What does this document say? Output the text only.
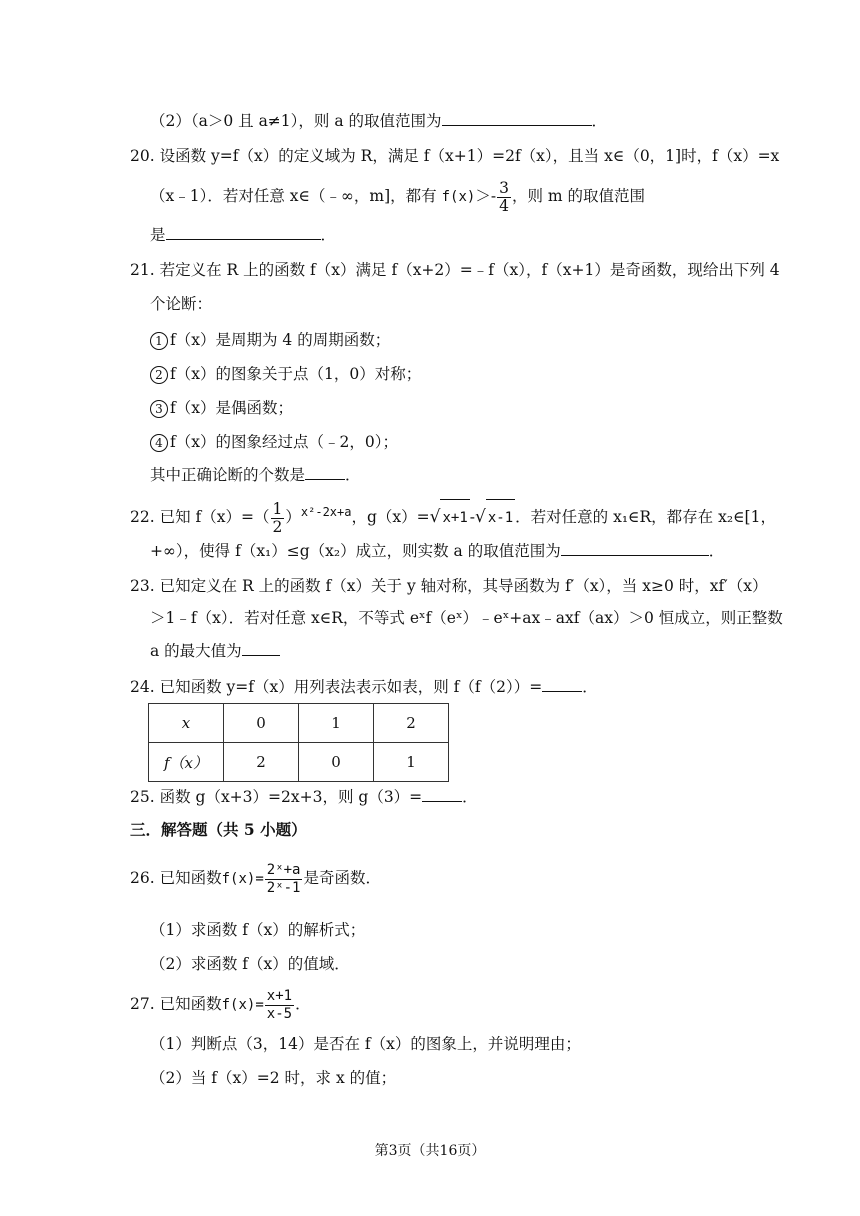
（2）（a＞0 且 a≠1），则 a 的取值范围为	．
20. 设函数 y=f（x）的定义域为 R，满足 f（x+1）=2f（x），且当 x∈（0，1]时，f（x）=x
（x﹣1）．若对任意 x∈（﹣∞，m]，都有 $f(x)>- \frac{3}{4}$ ，则 m 的取值范围
是	．
21. 若定义在 R 上的函数 f（x）满足 f（x+2）=﹣f（x），f（x+1）是奇函数，现给出下列 4
个论断：
1 f（x）是周期为 4 的周期函数；
2 f（x）的图象关于点（1，0）对称；
3 f（x）是偶函数；
4 f（x）的图象经过点（﹣2，0）；
其中正确论断的个数是	．
22. 已知 $f(x)=( \frac{1}{2} )^{x^2-2x+a}$，g（x）=√ x+1 -√ x-1 ．若对任意的 x₁∈R，都存在 x₂∈[1，
+∞），使得 f（x₁）≤g（x₂）成立，则实数 a 的取值范围为	．
23. 已知定义在 R 上的函数 f（x）关于 y 轴对称，其导函数为 f′（x），当 x≥0 时，xf′（x）
＞1﹣f（x）．若对任意 x∈R，不等式 eˣf（eˣ）﹣eˣ+ax﹣axf（ax）＞0 恒成立，则正整数
a 的最大值为
24. 已知函数 y=f（x）用列表法表示如表，则 f（f（2））=	．
x	0	1	2
f（x）	2	0	1
25. 函数 g（x+3）=2x+3，则 g（3）=	．
三．解答题（共 5 小题）
26. 已知函数$f(x)= \frac{\text{2ˣ+a}}{\text{2ˣ-1}}$ 是奇函数．
（1）求函数 f（x）的解析式；
（2）求函数 f（x）的值域．
27. 已知函数$f(x)= \frac{x+1}{x-5}$ ．
（1）判断点（3，14）是否在 f（x）的图象上，并说明理由；
（2）当 f（x）=2 时，求 x 的值；
第3页（共16页）
